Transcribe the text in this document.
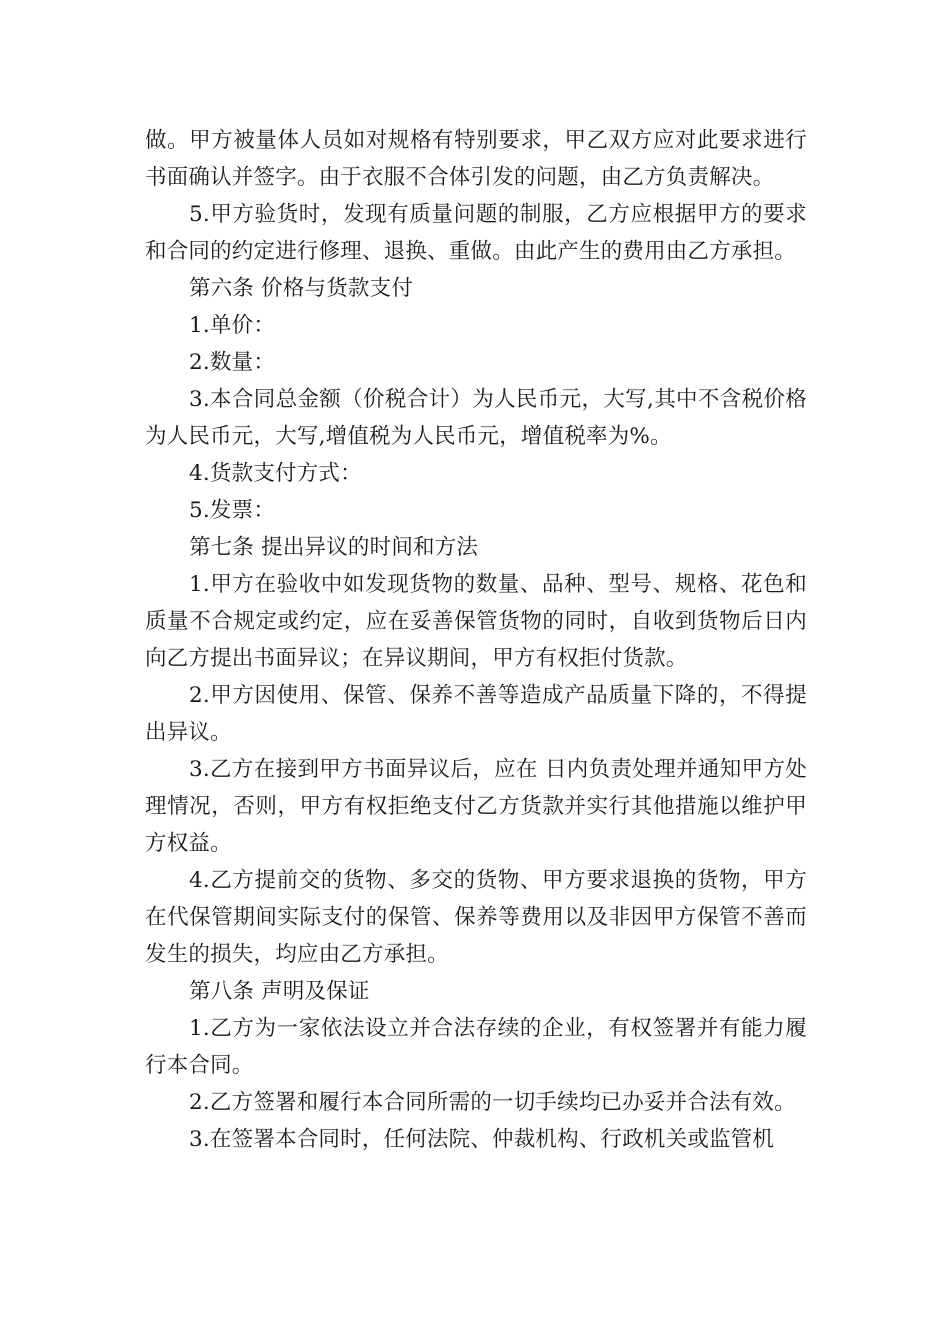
做。甲方被量体人员如对规格有特别要求，甲乙双方应对此要求进行书面确认并签字。由于衣服不合体引发的问题，由乙方负责解决。

5.甲方验货时，发现有质量问题的制服，乙方应根据甲方的要求和合同的约定进行修理、退换、重做。由此产生的费用由乙方承担。

第六条 价格与货款支付

1.单价：

2.数量：

3.本合同总金额（价税合计）为人民币元，大写,其中不含税价格为人民币元，大写,增值税为人民币元，增值税率为%。

4.货款支付方式：

5.发票：

第七条 提出异议的时间和方法

1.甲方在验收中如发现货物的数量、品种、型号、规格、花色和质量不合规定或约定，应在妥善保管货物的同时，自收到货物后日内向乙方提出书面异议；在异议期间，甲方有权拒付货款。

2.甲方因使用、保管、保养不善等造成产品质量下降的，不得提出异议。

3.乙方在接到甲方书面异议后，应在 日内负责处理并通知甲方处理情况，否则，甲方有权拒绝支付乙方货款并实行其他措施以维护甲方权益。

4.乙方提前交的货物、多交的货物、甲方要求退换的货物，甲方在代保管期间实际支付的保管、保养等费用以及非因甲方保管不善而发生的损失，均应由乙方承担。

第八条 声明及保证

1.乙方为一家依法设立并合法存续的企业，有权签署并有能力履行本合同。

2.乙方签署和履行本合同所需的一切手续均已办妥并合法有效。

3.在签署本合同时，任何法院、仲裁机构、行政机关或监管机
